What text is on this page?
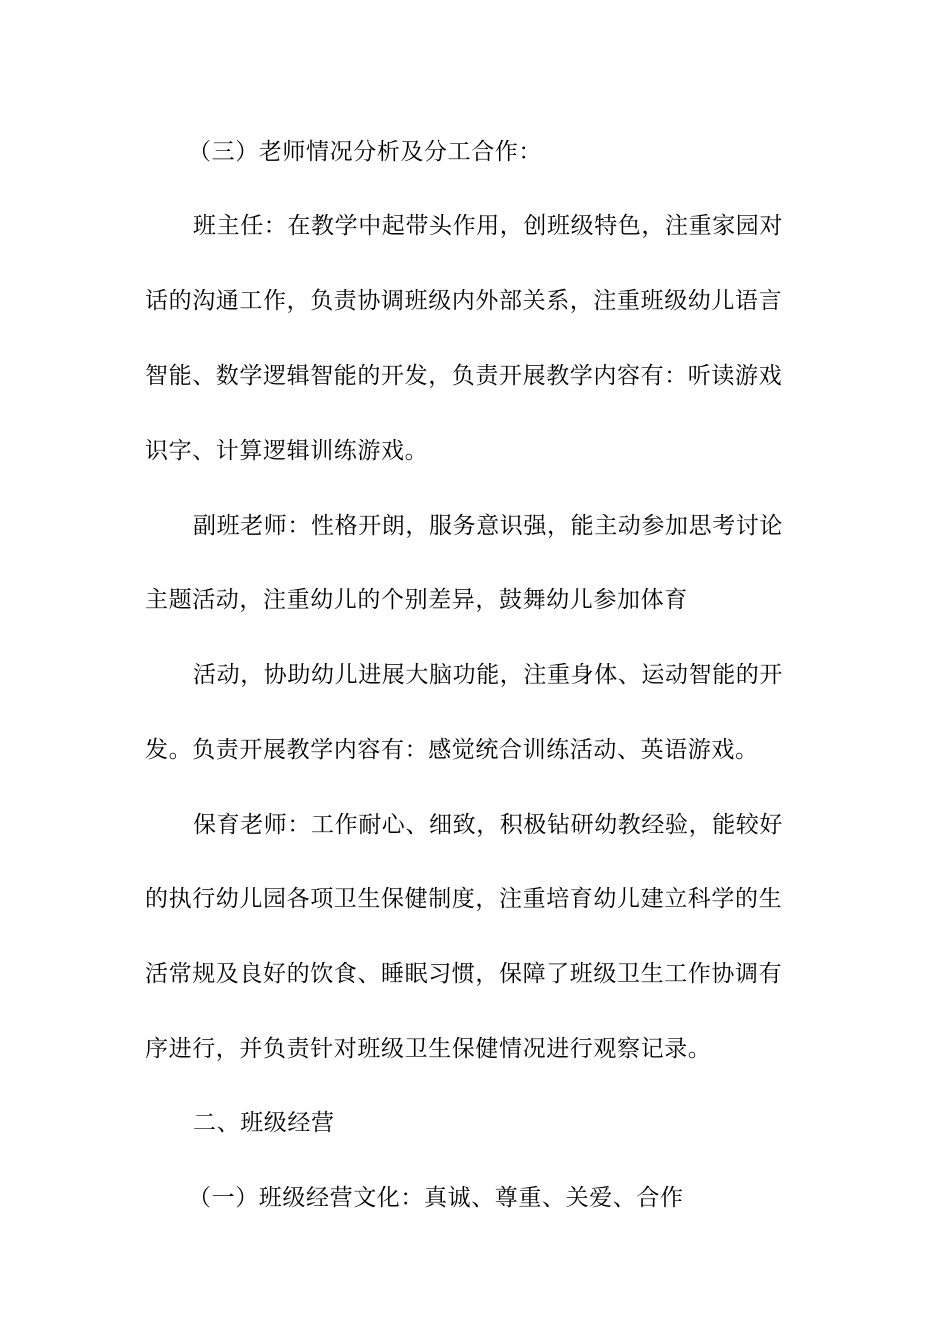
（三）老师情况分析及分工合作：
班主任：在教学中起带头作用，创班级特色，注重家园对
话的沟通工作，负责协调班级内外部关系，注重班级幼儿语言
智能、数学逻辑智能的开发，负责开展教学内容有：听读游戏
识字、计算逻辑训练游戏。
副班老师：性格开朗，服务意识强，能主动参加思考讨论
主题活动，注重幼儿的个别差异，鼓舞幼儿参加体育
活动，协助幼儿进展大脑功能，注重身体、运动智能的开
发。负责开展教学内容有：感觉统合训练活动、英语游戏。
保育老师：工作耐心、细致，积极钻研幼教经验，能较好
的执行幼儿园各项卫生保健制度，注重培育幼儿建立科学的生
活常规及良好的饮食、睡眠习惯，保障了班级卫生工作协调有
序进行，并负责针对班级卫生保健情况进行观察记录。
二、班级经营
（一）班级经营文化：真诚、尊重、关爱、合作
